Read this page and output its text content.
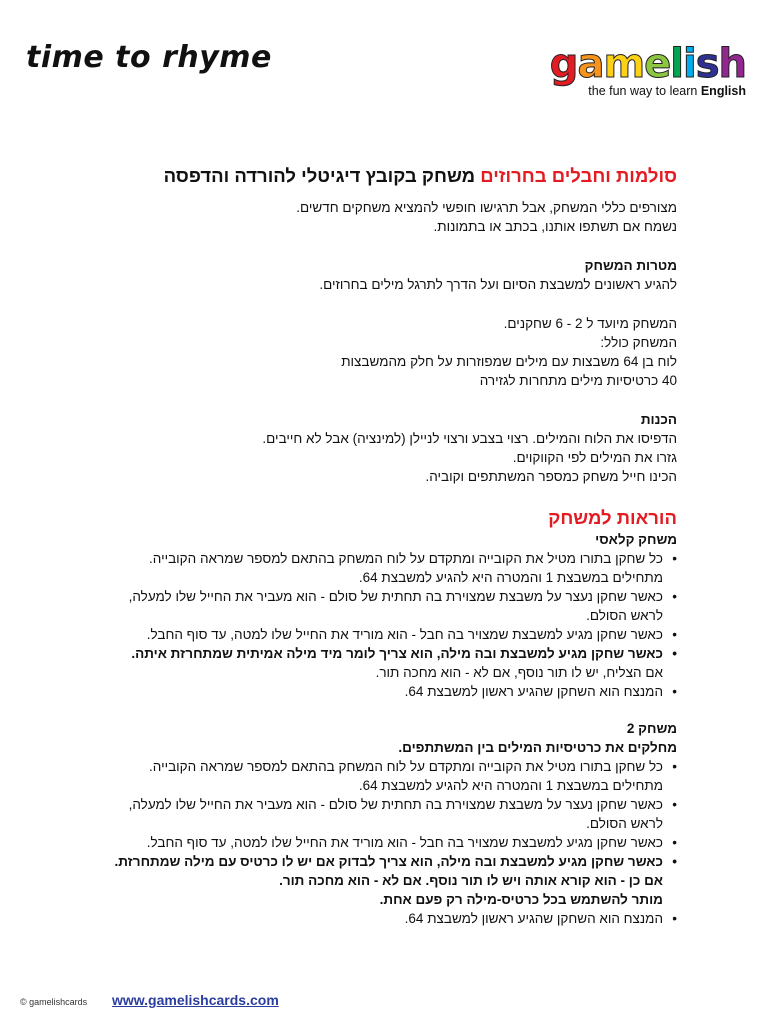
time to rhyme	gamelish
the fun way to learn English
סולמות וחבלים בחרוזים משחק בקובץ דיגיטלי להורדה והדפסה

מצורפים כללי המשחק, אבל תרגישו חופשי להמציא משחקים חדשים.

נשמח אם תשתפו אותנו, בכתב או בתמונות.

מטרות המשחק

להגיע ראשונים למשבצת הסיום ועל הדרך לתרגל מילים בחרוזים.

המשחק מיועד ל 2 - 6 שחקנים.

המשחק כולל:

לוח בן 64 משבצות עם מילים שמפוזרות על חלק מהמשבצות

40 כרטיסיות מילים מתחרות לגזירה

הכנות

הדפיסו את הלוח והמילים. רצוי בצבע ורצוי לניילן (למינציה) אבל לא חייבים.

גזרו את המילים לפי הקווקוים.

הכינו חייל משחק כמספר המשתתפים וקוביה.

הוראות למשחק

משחק קלאסי

• כל שחקן בתורו מטיל את הקובייה ומתקדם על לוח המשחק בהתאם למספר שמראה הקובייה.

מתחילים במשבצת 1 והמטרה היא להגיע למשבצת 64.

• כאשר שחקן נעצר על משבצת שמצוירת בה תחתית של סולם - הוא מעביר את החייל שלו למעלה,

לראש הסולם.

• כאשר שחקן מגיע למשבצת שמצויר בה חבל - הוא מוריד את החייל שלו למטה, עד סוף החבל.
• כאשר שחקן מגיע למשבצת ובה מילה, הוא צריך לומר מיד מילה אמיתית שמתחרזת איתה.

אם הצליח, יש לו תור נוסף, אם לא - הוא מחכה תור.

• המנצח הוא השחקן שהגיע ראשון למשבצת 64.

משחק 2

מחלקים את כרטיסיות המילים בין המשתתפים.

• כל שחקן בתורו מטיל את הקובייה ומתקדם על לוח המשחק בהתאם למספר שמראה הקובייה.

מתחילים במשבצת 1 והמטרה היא להגיע למשבצת 64.

• כאשר שחקן נעצר על משבצת שמצוירת בה תחתית של סולם - הוא מעביר את החייל שלו למעלה,

לראש הסולם.

• כאשר שחקן מגיע למשבצת שמצויר בה חבל - הוא מוריד את החייל שלו למטה, עד סוף החבל.
• כאשר שחקן מגיע למשבצת ובה מילה, הוא צריך לבדוק אם יש לו כרטיס עם מילה שמתחרזת.

אם כן - הוא קורא אותה ויש לו תור נוסף. אם לא - הוא מחכה תור.

מותר להשתמש בכל כרטיס-מילה רק פעם אחת.

• המנצח הוא השחקן שהגיע ראשון למשבצת 64.
© gamelishcards www.gamelishcards.com
